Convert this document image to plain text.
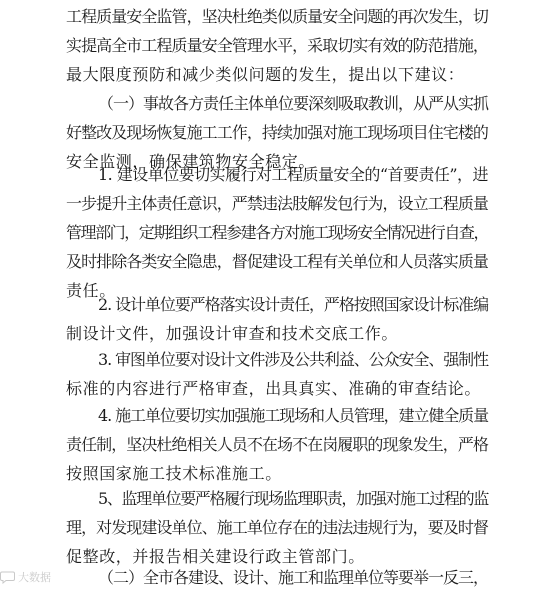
工程质量安全监管，坚决杜绝类似质量安全问题的再次发生，切
实提高全市工程质量安全管理水平，采取切实有效的防范措施，
最大限度预防和减少类似问题的发生，提出以下建议：
（一）事故各方责任主体单位要深刻吸取教训，从严从实抓
好整改及现场恢复施工工作，持续加强对施工现场项目住宅楼的
安全监测，确保建筑物安全稳定。
1. 建设单位要切实履行对工程质量安全的“首要责任”，进
一步提升主体责任意识，严禁违法肢解发包行为，设立工程质量
管理部门，定期组织工程参建各方对施工现场安全情况进行自查，
及时排除各类安全隐患，督促建设工程有关单位和人员落实质量
责任。
2. 设计单位要严格落实设计责任，严格按照国家设计标准编
制设计文件，加强设计审查和技术交底工作。
3. 审图单位要对设计文件涉及公共利益、公众安全、强制性
标准的内容进行严格审查，出具真实、准确的审查结论。
4. 施工单位要切实加强施工现场和人员管理，建立健全质量
责任制，坚决杜绝相关人员不在场不在岗履职的现象发生，严格
按照国家施工技术标准施工。
5、监理单位要严格履行现场监理职责，加强对施工过程的监
理，对发现建设单位、施工单位存在的违法违规行为，要及时督
促整改，并报告相关建设行政主管部门。
（二）全市各建设、设计、施工和监理单位等要举一反三，
大数据
